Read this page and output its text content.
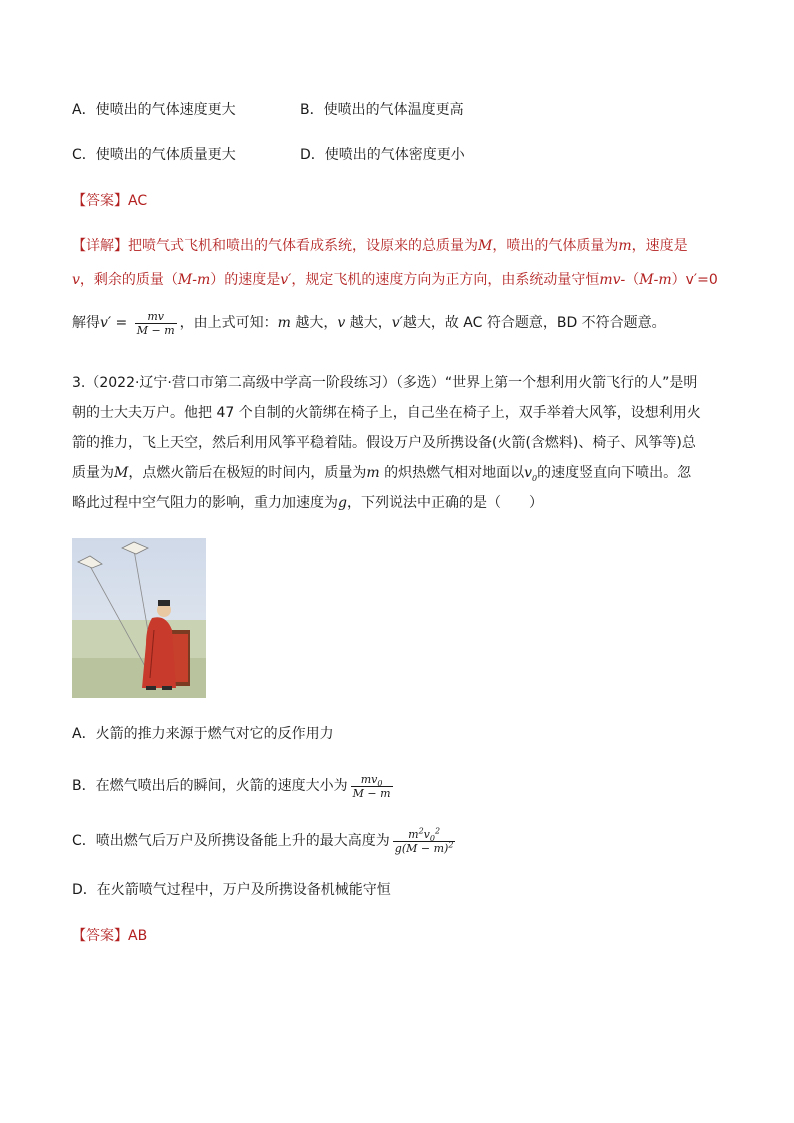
A．使喷出的气体速度更大	B．使喷出的气体温度更高
C．使喷出的气体质量更大	D．使喷出的气体密度更小
【答案】AC
【详解】把喷气式飞机和喷出的气体看成系统，设原来的总质量为M，喷出的气体质量为m，速度是
v，剩余的质量（M-m）的速度是v′，规定飞机的速度方向为正方向，由系统动量守恒mv-（M-m）v′=0
解得$v' = \frac{mv}{M - m}$ ，由上式可知：m 越大，v 越大，v′越大，故 AC 符合题意，BD 不符合题意。
3.（2022·辽宁·营口市第二高级中学高一阶段练习）（多选）“世界上第一个想利用火箭飞行的人”是明
朝的士大夫万户。他把 47 个自制的火箭绑在椅子上，自己坐在椅子上，双手举着大风筝，设想利用火
箭的推力，飞上天空，然后利用风筝平稳着陆。假设万户及所携设备(火箭(含燃料)、椅子、风筝等)总
质量为M，点燃火箭后在极短的时间内，质量为m 的炽热燃气相对地面以$v_0$的速度竖直向下喷出。忽
略此过程中空气阻力的影响，重力加速度为g，下列说法中正确的是（　　）
A．火箭的推力来源于燃气对它的反作用力
B．在燃气喷出后的瞬间，火箭的速度大小为 $\frac{mv_0}{M - m}$
C．喷出燃气后万户及所携设备能上升的最大高度为 $\frac{m^2v_0^2}{g(M - m)^2}$
D．在火箭喷气过程中，万户及所携设备机械能守恒
【答案】AB
